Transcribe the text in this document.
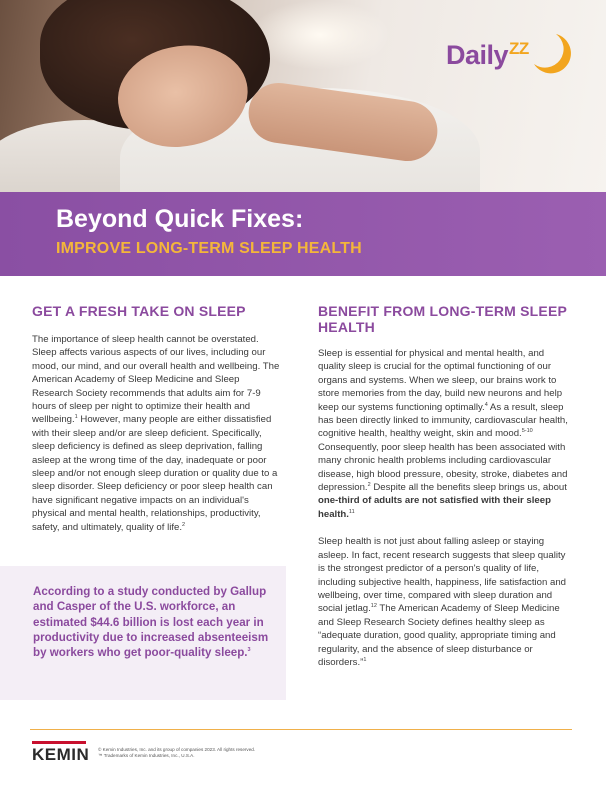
Daily$^{ZZ}$
Beyond Quick Fixes:
IMPROVE LONG-TERM SLEEP HEALTH
GET A FRESH TAKE ON SLEEP

The importance of sleep health cannot be overstated. Sleep affects various aspects of our lives, including our mood, our mind, and our overall health and wellbeing. The American Academy of Sleep Medicine and Sleep Research Society recommends that adults aim for 7-9 hours of sleep per night to optimize their health and wellbeing.$^1$ However, many people are either dissatisfied with their sleep and/or are sleep deficient. Specifically, sleep deficiency is defined as sleep deprivation, falling asleep at the wrong time of the day, inadequate or poor sleep and/or not enough sleep duration or quality due to a sleep disorder. Sleep deficiency or poor sleep health can have significant negative impacts on an individual's physical and mental health, relationships, productivity, safety, and ultimately, quality of life.$^2$

According to a study conducted by Gallup and Casper of the U.S. workforce, an estimated $44.6 billion is lost each year in productivity due to increased absenteeism by workers who get poor-quality sleep.$^3$

BENEFIT FROM LONG-TERM SLEEP HEALTH

Sleep is essential for physical and mental health, and quality sleep is crucial for the optimal functioning of our organs and systems. When we sleep, our brains work to store memories from the day, build new neurons and help keep our systems functioning optimally.$^4$ As a result, sleep has been directly linked to immunity, cardiovascular health, cognitive health, healthy weight, skin and mood.$^{5-10}$ Consequently, poor sleep health has been associated with many chronic health problems including cardiovascular disease, high blood pressure, obesity, stroke, diabetes and depression.$^2$ Despite all the benefits sleep brings us, about one-third of adults are not satisfied with their sleep health.$^{11}$

Sleep health is not just about falling asleep or staying asleep. In fact, recent research suggests that sleep quality is the strongest predictor of a person's quality of life, including subjective health, happiness, life satisfaction and wellbeing, over time, compared with sleep duration and social jetlag.$^{12}$ The American Academy of Sleep Medicine and Sleep Research Society defines healthy sleep as “adequate duration, good quality, appropriate timing and regularity, and the absence of sleep disturbance or disorders.”$^1$

KEMIN © Kemin Industries, Inc. and its group of companies 2023. All rights reserved.
™ Trademarks of Kemin Industries, Inc., U.S.A.
